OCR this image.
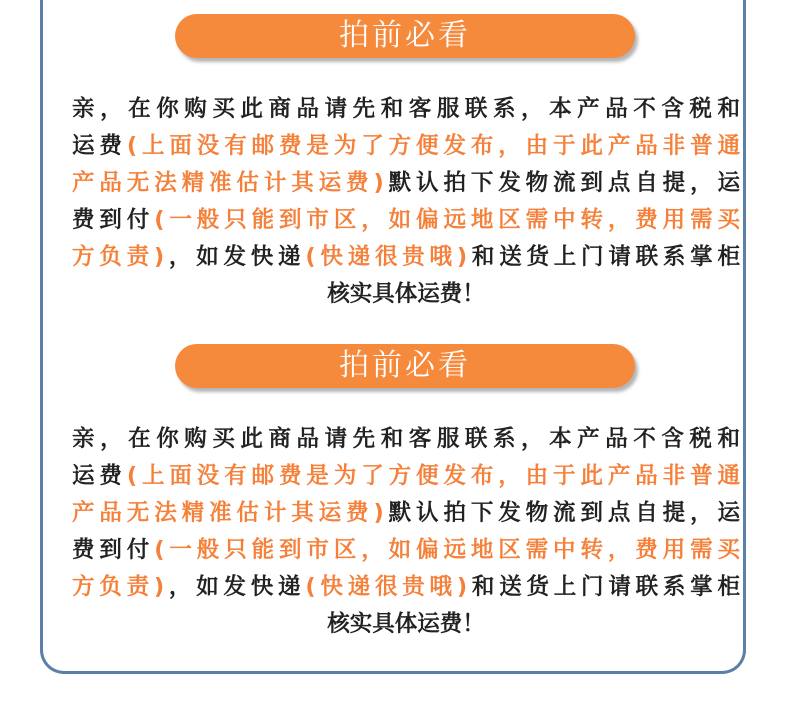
拍前必看
亲，在你购买此商品请先和客服联系，本产品不含税和
运费(上面没有邮费是为了方便发布，由于此产品非普通
产品无法精准估计其运费)默认拍下发物流到点自提，运
费到付(一般只能到市区，如偏远地区需中转，费用需买
方负责)，如发快递(快递很贵哦)和送货上门请联系掌柜
核实具体运费！
拍前必看
亲，在你购买此商品请先和客服联系，本产品不含税和
运费(上面没有邮费是为了方便发布，由于此产品非普通
产品无法精准估计其运费)默认拍下发物流到点自提，运
费到付(一般只能到市区，如偏远地区需中转，费用需买
方负责)，如发快递(快递很贵哦)和送货上门请联系掌柜
核实具体运费！
